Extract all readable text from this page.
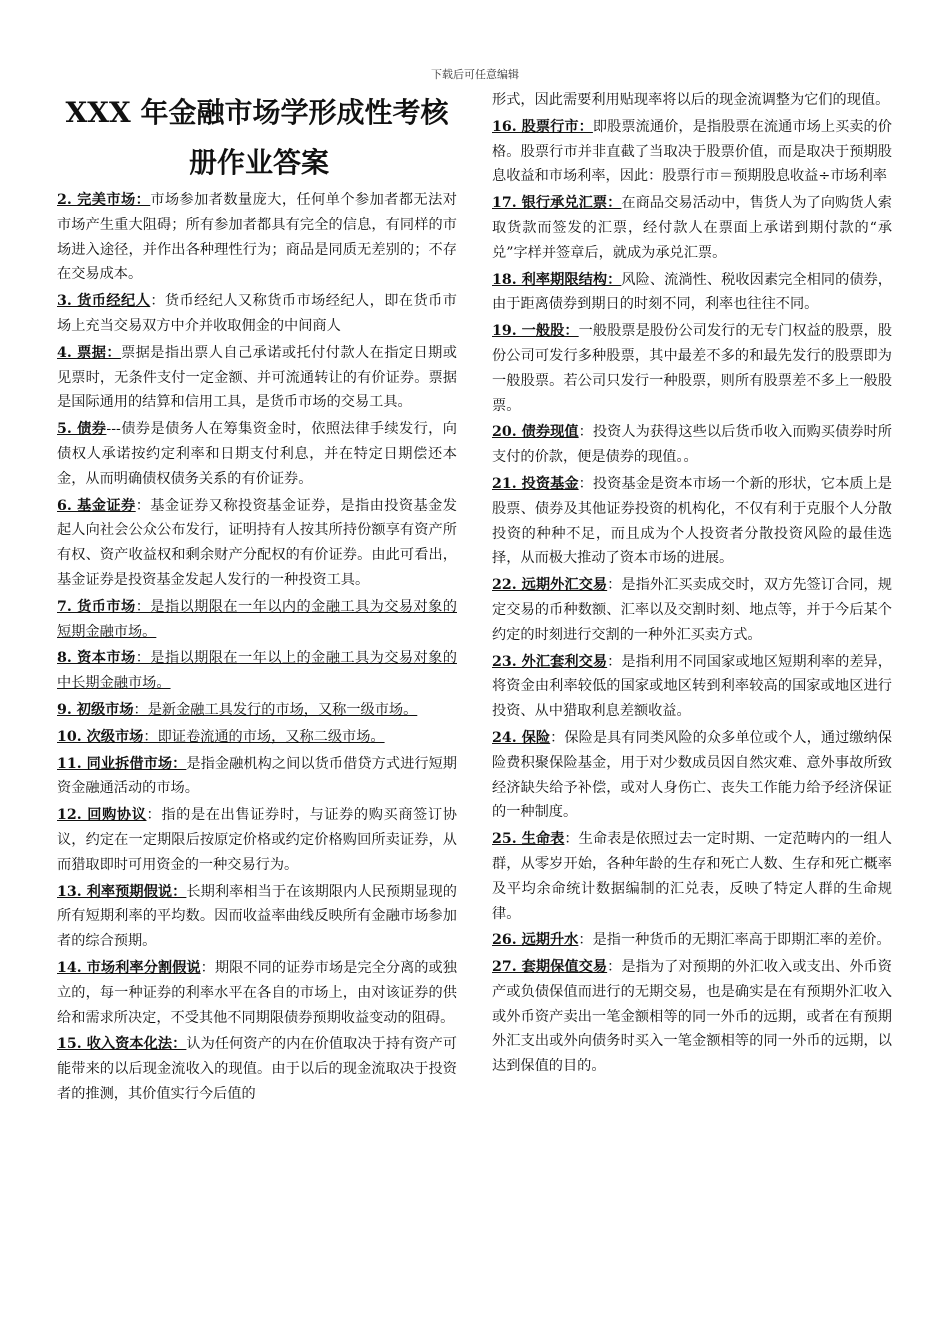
下载后可任意编辑
XXX 年金融市场学形成性考核
册作业答案
2. 完美市场：市场参加者数量庞大，任何单个参加者都无法对市场产生重大阻碍；所有参加者都具有完全的信息，有同样的市场进入途径，并作出各种理性行为；商品是同质无差别的；不存在交易成本。
3. 货币经纪人：货币经纪人又称货币市场经纪人，即在货币市场上充当交易双方中介并收取佣金的中间商人
4. 票据：票据是指出票人自己承诺或托付付款人在指定日期或见票时，无条件支付一定金额、并可流通转让的有价证券。票据是国际通用的结算和信用工具，是货币市场的交易工具。
5. 债券---债券是债务人在筹集资金时，依照法律手续发行，向债权人承诺按约定利率和日期支付利息，并在特定日期偿还本金，从而明确债权债务关系的有价证券。
6. 基金证券：基金证券又称投资基金证券，是指由投资基金发起人向社会公众公布发行，证明持有人按其所持份额享有资产所有权、资产收益权和剩余财产分配权的有价证券。由此可看出，基金证券是投资基金发起人发行的一种投资工具。
7. 货币市场：是指以期限在一年以内的金融工具为交易对象的短期金融市场。
8. 资本市场：是指以期限在一年以上的金融工具为交易对象的中长期金融市场。
9. 初级市场：是新金融工具发行的市场，又称一级市场。
10. 次级市场：即证卷流通的市场，又称二级市场。
11. 同业拆借市场：是指金融机构之间以货币借贷方式进行短期资金融通活动的市场。
12. 回购协议：指的是在出售证券时，与证券的购买商签订协议，约定在一定期限后按原定价格或约定价格购回所卖证券，从而猎取即时可用资金的一种交易行为。
13. 利率预期假说：长期利率相当于在该期限内人民预期显现的所有短期利率的平均数。因而收益率曲线反映所有金融市场参加者的综合预期。
14. 市场利率分割假说：期限不同的证券市场是完全分离的或独立的，每一种证券的利率水平在各自的市场上，由对该证券的供给和需求所决定，不受其他不同期限债券预期收益变动的阻碍。
15. 收入资本化法：认为任何资产的内在价值取决于持有资产可能带来的以后现金流收入的现值。由于以后的现金流取决于投资者的推测，其价值实行今后值的
形式，因此需要利用贴现率将以后的现金流调整为它们的现值。
16. 股票行市：即股票流通价，是指股票在流通市场上买卖的价格。股票行市并非直截了当取决于股票价值，而是取决于预期股息收益和市场利率，因此：股票行市＝预期股息收益÷市场利率
17. 银行承兑汇票：在商品交易活动中，售货人为了向购货人索取货款而签发的汇票，经付款人在票面上承诺到期付款的“承兑”字样并签章后，就成为承兑汇票。
18. 利率期限结构：风险、流淌性、税收因素完全相同的债券，由于距离债券到期日的时刻不同，利率也往往不同。
19. 一般股：一般股票是股份公司发行的无专门权益的股票，股份公司可发行多种股票，其中最差不多的和最先发行的股票即为一般股票。若公司只发行一种股票，则所有股票差不多上一般股票。
20. 债券现值：投资人为获得这些以后货币收入而购买债券时所支付的价款，便是债券的现值。。
21. 投资基金：投资基金是资本市场一个新的形状，它本质上是股票、债券及其他证券投资的机构化，不仅有利于克服个人分散投资的种种不足，而且成为个人投资者分散投资风险的最佳选择，从而极大推动了资本市场的进展。
22. 远期外汇交易：是指外汇买卖成交时，双方先签订合同，规定交易的币种数额、汇率以及交割时刻、地点等，并于今后某个约定的时刻进行交割的一种外汇买卖方式。
23. 外汇套利交易：是指利用不同国家或地区短期利率的差异，将资金由利率较低的国家或地区转到利率较高的国家或地区进行投资、从中猎取利息差额收益。
24. 保险：保险是具有同类风险的众多单位或个人，通过缴纳保险费积聚保险基金，用于对少数成员因自然灾难、意外事故所致经济缺失给予补偿，或对人身伤亡、丧失工作能力给予经济保证的一种制度。
25. 生命表：生命表是依照过去一定时期、一定范畴内的一组人群，从零岁开始，各种年龄的生存和死亡人数、生存和死亡概率及平均余命统计数据编制的汇兑表，反映了特定人群的生命规律。
26. 远期升水：是指一种货币的无期汇率高于即期汇率的差价。
27. 套期保值交易：是指为了对预期的外汇收入或支出、外币资产或负债保值而进行的无期交易，也是确实是在有预期外汇收入或外币资产卖出一笔金额相等的同一外币的远期，或者在有预期外汇支出或外向债务时买入一笔金额相等的同一外币的远期，以达到保值的目的。
